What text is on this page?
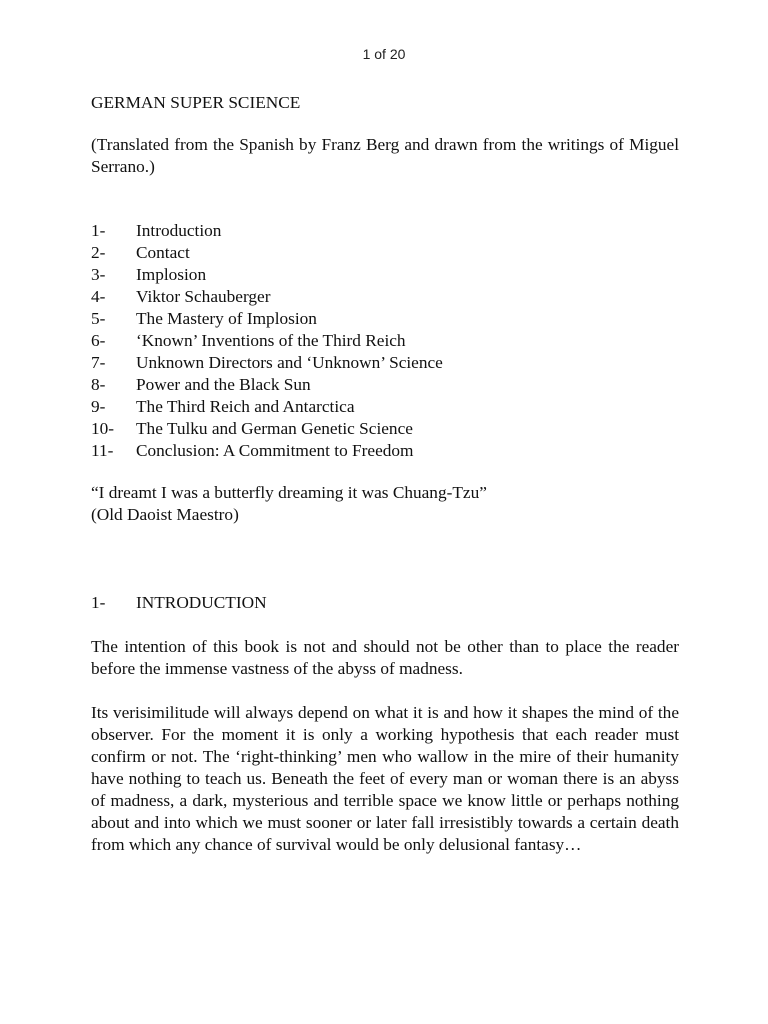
1 of 20
GERMAN SUPER SCIENCE

(Translated from the Spanish by Franz Berg and drawn from the writings of Miguel Serrano.)

1-	Introduction
2-	Contact
3-	Implosion
4-	Viktor Schauberger
5-	The Mastery of Implosion
6-	‘Known’ Inventions of the Third Reich
7-	Unknown Directors and ‘Unknown’ Science
8-	Power and the Black Sun
9-	The Third Reich and Antarctica
10-	The Tulku and German Genetic Science
11-	Conclusion: A Commitment to Freedom
“I dreamt I was a butterfly dreaming it was Chuang-Tzu”
(Old Daoist Maestro)
1-	INTRODUCTION

The intention of this book is not and should not be other than to place the reader before the immense vastness of the abyss of madness.

Its verisimilitude will always depend on what it is and how it shapes the mind of the observer. For the moment it is only a working hypothesis that each reader must confirm or not. The ‘right-thinking’ men who wallow in the mire of their humanity have nothing to teach us. Beneath the feet of every man or woman there is an abyss of madness, a dark, mysterious and terrible space we know little or perhaps nothing about and into which we must sooner or later fall irresistibly towards a certain death from which any chance of survival would be only delusional fantasy…
